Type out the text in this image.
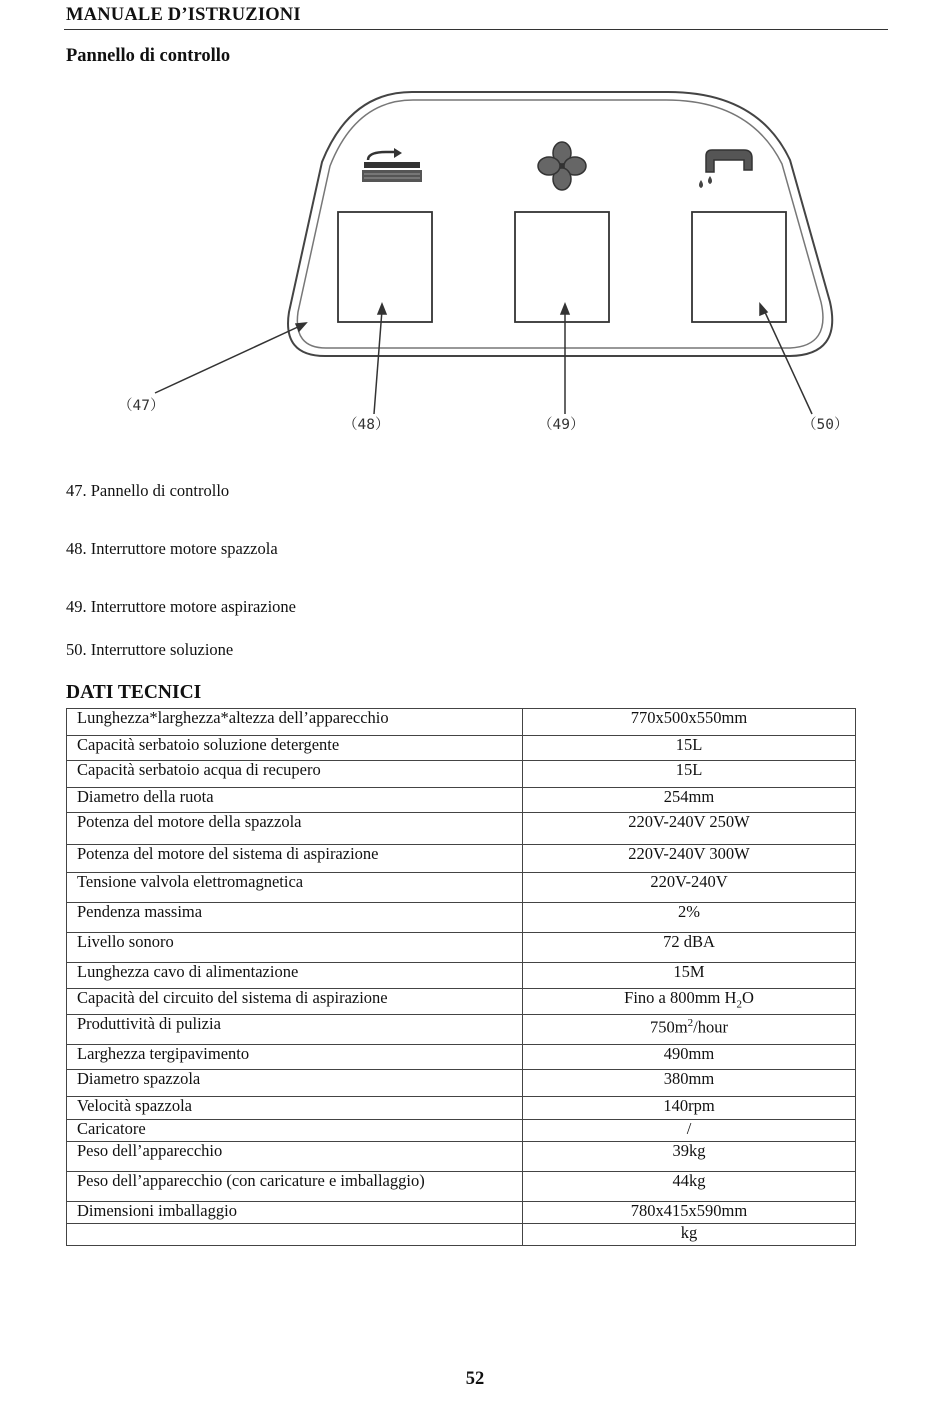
MANUALE D’ISTRUZIONI
Pannello di controllo
（47）
（48）	（49）	（50）
47. Pannello di controllo
48. Interruttore motore spazzola
49. Interruttore motore aspirazione
50. Interruttore soluzione
DATI TECNICI
Lunghezza*larghezza*altezza dell’apparecchio	770x500x550mm
Capacità serbatoio soluzione detergente	15L
Capacità serbatoio acqua di recupero	15L
Diametro della ruota	254mm
Potenza del motore della spazzola	220V-240V 250W
Potenza del motore del sistema di aspirazione	220V-240V 300W
Tensione valvola elettromagnetica	220V-240V
Pendenza massima	2%
Livello sonoro	72 dBA
Lunghezza cavo di alimentazione	15M
Capacità del circuito del sistema di aspirazione	Fino a 800mm $H_2O$
Produttività di pulizia	$750m^2$/hour
Larghezza tergipavimento	490mm
Diametro spazzola	380mm
Velocità spazzola	140rpm
Caricatore	/
Peso dell’apparecchio	39kg
Peso dell’apparecchio (con caricature e imballaggio)	44kg
Dimensioni imballaggio	780x415x590mm
	kg
52
